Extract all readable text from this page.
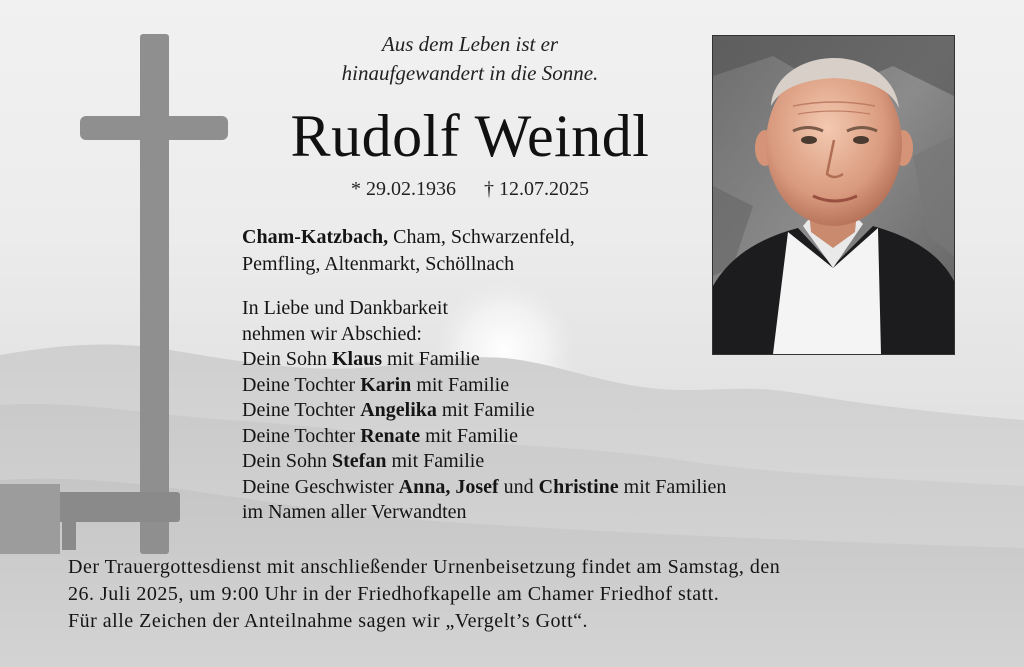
Aus dem Leben ist er
hinaufgewandert in die Sonne.
Rudolf Weindl
* 29.02.1936 † 12.07.2025
Cham-Katzbach, Cham, Schwarzenfeld,
Pemfling, Altenmarkt, Schöllnach
In Liebe und Dankbarkeit
nehmen wir Abschied:
Dein Sohn Klaus mit Familie
Deine Tochter Karin mit Familie
Deine Tochter Angelika mit Familie
Deine Tochter Renate mit Familie
Dein Sohn Stefan mit Familie
Deine Geschwister Anna, Josef und Christine mit Familien
im Namen aller Verwandten
Der Trauergottesdienst mit anschließender Urnenbeisetzung findet am Samstag, den
26. Juli 2025, um 9:00 Uhr in der Friedhofkapelle am Chamer Friedhof statt.
Für alle Zeichen der Anteilnahme sagen wir „Vergelt’s Gott“.
